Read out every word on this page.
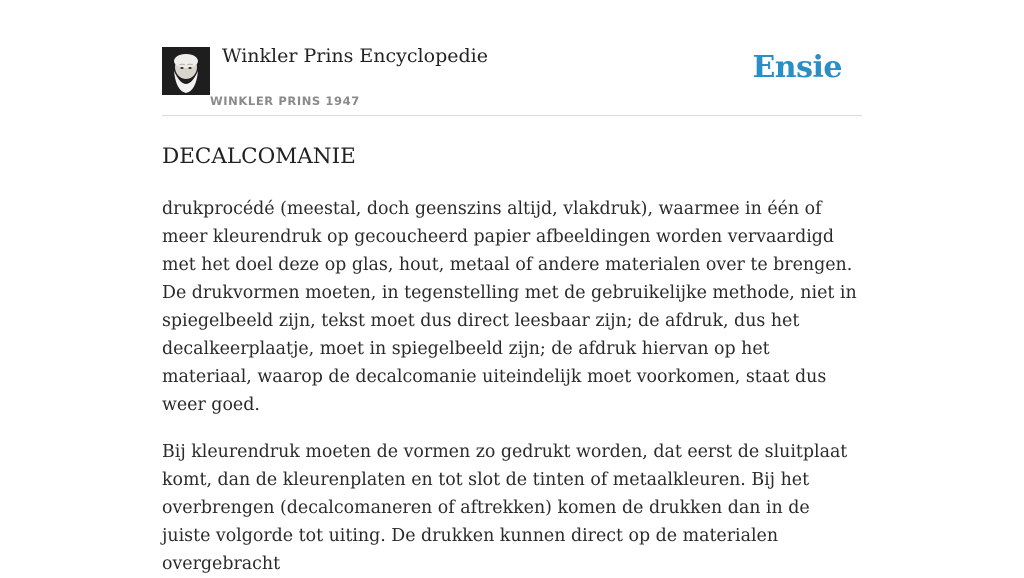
Winkler Prins Encyclopedie
WINKLER PRINS 1947
Ensie
DECALCOMANIE

drukprocédé (meestal, doch geenszins altijd, vlakdruk), waarmee in één of meer kleurendruk op gecoucheerd papier afbeeldingen worden vervaardigd met het doel deze op glas, hout, metaal of andere materialen over te brengen. De drukvormen moeten, in tegenstelling met de gebruikelijke methode, niet in spiegelbeeld zijn, tekst moet dus direct leesbaar zijn; de afdruk, dus het decalkeerplaatje, moet in spiegelbeeld zijn; de afdruk hiervan op het materiaal, waarop de decalcomanie uiteindelijk moet voorkomen, staat dus weer goed.

Bij kleurendruk moeten de vormen zo gedrukt worden, dat eerst de sluitplaat komt, dan de kleurenplaten en tot slot de tinten of metaalkleuren. Bij het overbrengen (decalcomaneren of aftrekken) komen de drukken dan in de juiste volgorde tot uiting. De drukken kunnen direct op de materialen overgebracht
